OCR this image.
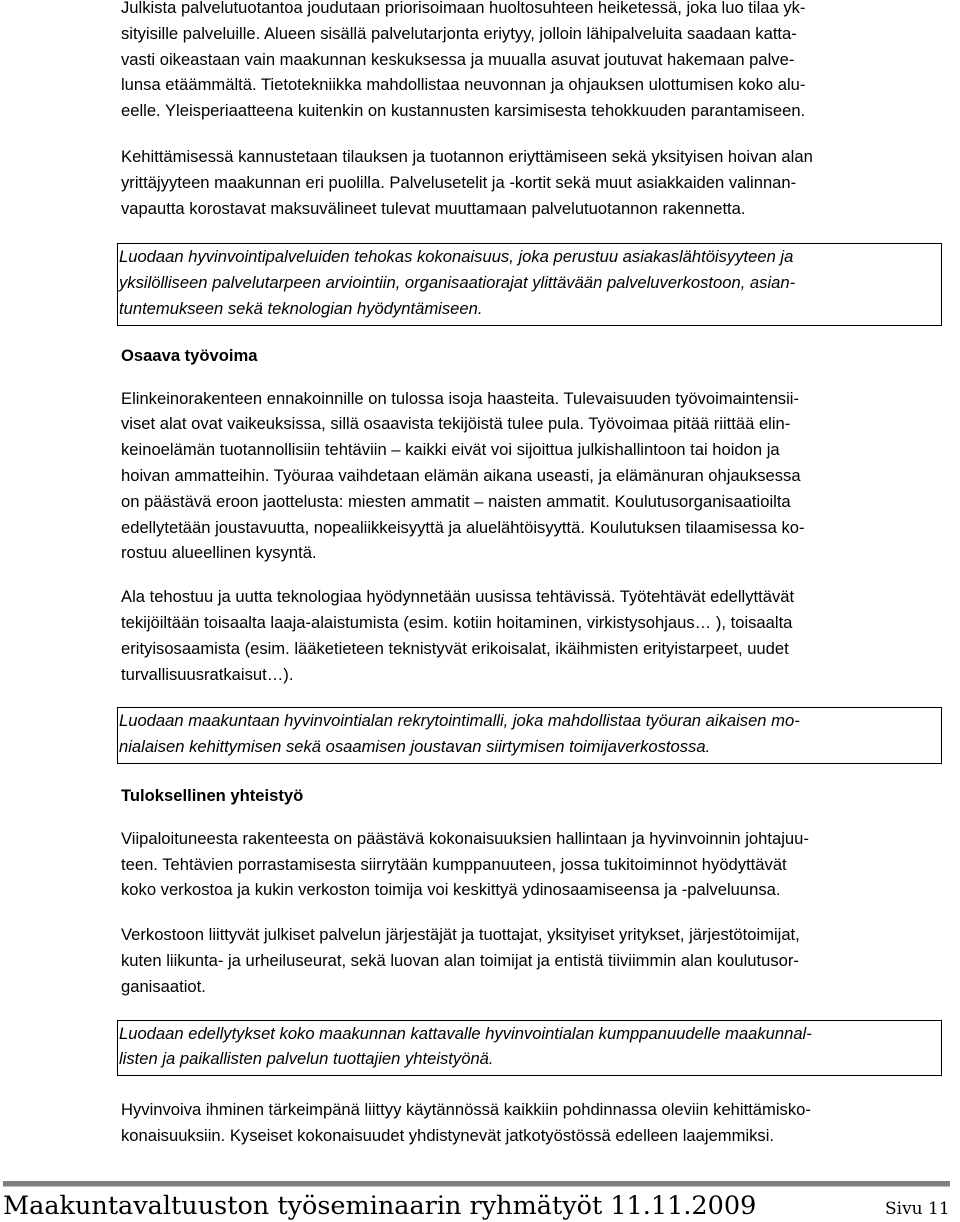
Julkista palvelutuotantoa joudutaan priorisoimaan huoltosuhteen heiketessä, joka luo tilaa yk-
sityisille palveluille. Alueen sisällä palvelutarjonta eriytyy, jolloin lähipalveluita saadaan katta-
vasti oikeastaan vain maakunnan keskuksessa ja muualla asuvat joutuvat hakemaan palve-
lunsa etäämmältä. Tietotekniikka mahdollistaa neuvonnan ja ohjauksen ulottumisen koko alu-
eelle. Yleisperiaatteena kuitenkin on kustannusten karsimisesta tehokkuuden parantamiseen.

Kehittämisessä kannustetaan tilauksen ja tuotannon eriyttämiseen sekä yksityisen hoivan alan
yrittäjyyteen maakunnan eri puolilla. Palvelusetelit ja -kortit sekä muut asiakkaiden valinnan-
vapautta korostavat maksuvälineet tulevat muuttamaan palvelutuotannon rakennetta.

Luodaan hyvinvointipalveluiden tehokas kokonaisuus, joka perustuu asiakaslähtöisyyteen ja
yksilölliseen palvelutarpeen arviointiin, organisaatiorajat ylittävään palveluverkostoon, asian-
tuntemukseen sekä teknologian hyödyntämiseen.

Osaava työvoima

Elinkeinorakenteen ennakoinnille on tulossa isoja haasteita. Tulevaisuuden työvoimaintensii-
viset alat ovat vaikeuksissa, sillä osaavista tekijöistä tulee pula. Työvoimaa pitää riittää elin-
keinoelämän tuotannollisiin tehtäviin – kaikki eivät voi sijoittua julkishallintoon tai hoidon ja
hoivan ammatteihin. Työuraa vaihdetaan elämän aikana useasti, ja elämänuran ohjauksessa
on päästävä eroon jaottelusta: miesten ammatit – naisten ammatit. Koulutusorganisaatioilta
edellytetään joustavuutta, nopealiikkeisyyttä ja aluelähtöisyyttä. Koulutuksen tilaamisessa ko-
rostuu alueellinen kysyntä.

Ala tehostuu ja uutta teknologiaa hyödynnetään uusissa tehtävissä. Työtehtävät edellyttävät
tekijöiltään toisaalta laaja-alaistumista (esim. kotiin hoitaminen, virkistysohjaus… ), toisaalta
erityisosaamista (esim. lääketieteen teknistyvät erikoisalat, ikäihmisten erityistarpeet, uudet
turvallisuusratkaisut…).

Luodaan maakuntaan hyvinvointialan rekrytointimalli, joka mahdollistaa työuran aikaisen mo-
nialaisen kehittymisen sekä osaamisen joustavan siirtymisen toimijaverkostossa.

Tuloksellinen yhteistyö

Viipaloituneesta rakenteesta on päästävä kokonaisuuksien hallintaan ja hyvinvoinnin johtajuu-
teen. Tehtävien porrastamisesta siirrytään kumppanuuteen, jossa tukitoiminnot hyödyttävät
koko verkostoa ja kukin verkoston toimija voi keskittyä ydinosaamiseensa ja -palveluunsa.

Verkostoon liittyvät julkiset palvelun järjestäjät ja tuottajat, yksityiset yritykset, järjestötoimijat,
kuten liikunta- ja urheiluseurat, sekä luovan alan toimijat ja entistä tiiviimmin alan koulutusor-
ganisaatiot.

Luodaan edellytykset koko maakunnan kattavalle hyvinvointialan kumppanuudelle maakunnal-
listen ja paikallisten palvelun tuottajien yhteistyönä.

Hyvinvoiva ihminen tärkeimpänä liittyy käytännössä kaikkiin pohdinnassa oleviin kehittämisko-
konaisuuksiin. Kyseiset kokonaisuudet yhdistynevät jatkotyöstössä edelleen laajemmiksi.

Maakuntavaltuuston työseminaarin ryhmätyöt 11.11.2009	Sivu 11
